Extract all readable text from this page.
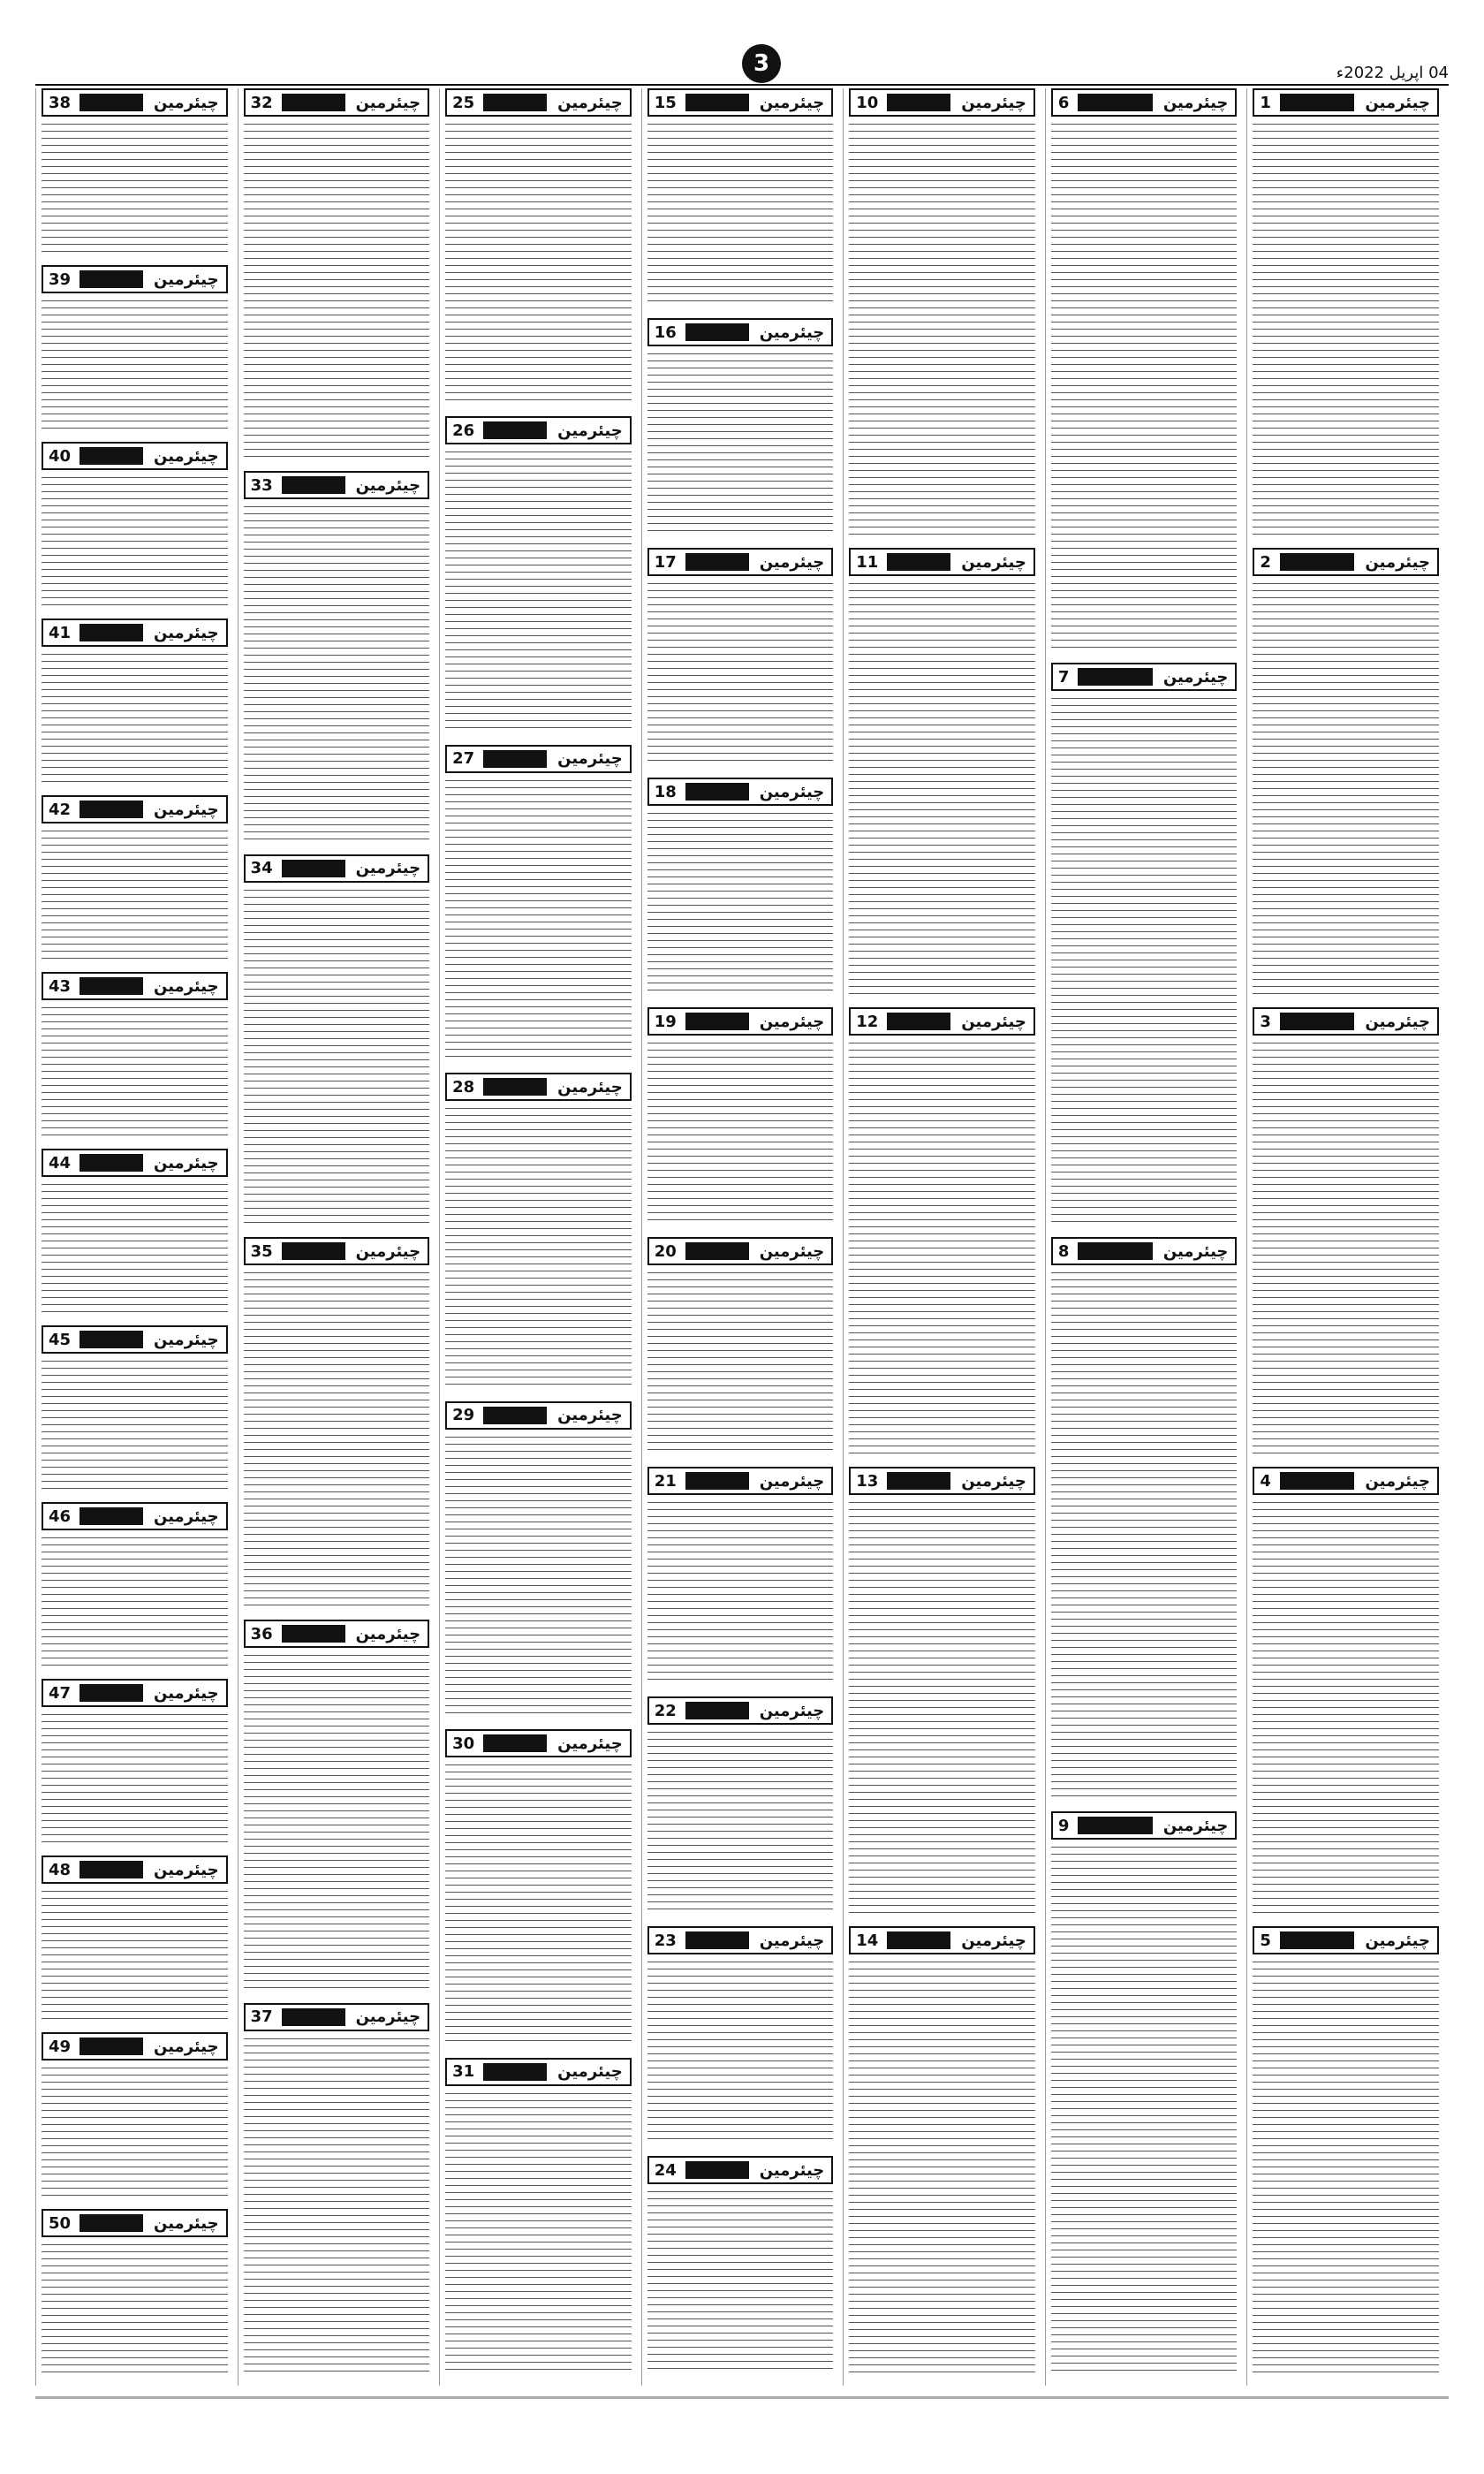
3	04 اپریل 2022ء
چیئرمین
1
چیئرمین
2
چیئرمین
3
چیئرمین
4
چیئرمین
5
چیئرمین
6
چیئرمین
7
چیئرمین
8
چیئرمین
9
چیئرمین
10
چیئرمین
11
چیئرمین
12
چیئرمین
13
چیئرمین
14
چیئرمین
15
چیئرمین
16
چیئرمین
17
چیئرمین
18
چیئرمین
19
چیئرمین
20
چیئرمین
21
چیئرمین
22
چیئرمین
23
چیئرمین
24
چیئرمین
25
چیئرمین
26
چیئرمین
27
چیئرمین
28
چیئرمین
29
چیئرمین
30
چیئرمین
31
چیئرمین
32
چیئرمین
33
چیئرمین
34
چیئرمین
35
چیئرمین
36
چیئرمین
37
چیئرمین
38
چیئرمین
39
چیئرمین
40
چیئرمین
41
چیئرمین
42
چیئرمین
43
چیئرمین
44
چیئرمین
45
چیئرمین
46
چیئرمین
47
چیئرمین
48
چیئرمین
49
چیئرمین
50
